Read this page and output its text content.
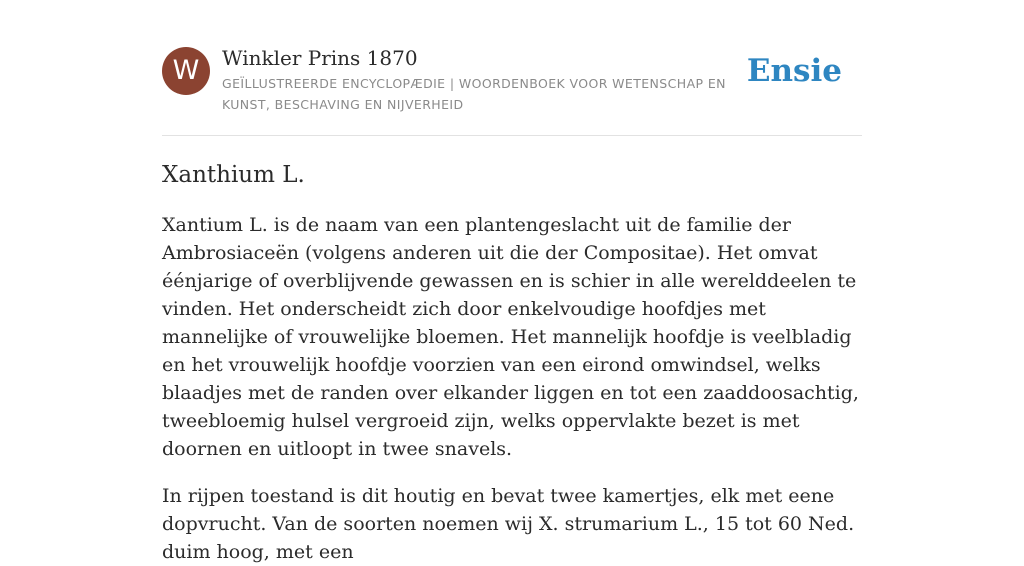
W	Winkler Prins 1870
GEÏLLUSTREERDE ENCYCLOPÆDIE | WOORDENBOEK VOOR WETENSCHAP EN KUNST, BESCHAVING EN NIJVERHEID
Ensie
Xanthium L.

Xantium L. is de naam van een plantengeslacht uit de familie der Ambrosiaceën (volgens anderen uit die der Compositae). Het omvat éénjarige of overblijvende gewassen en is schier in alle werelddeelen te vinden. Het onderscheidt zich door enkelvoudige hoofdjes met mannelijke of vrouwelijke bloemen. Het mannelijk hoofdje is veelbladig en het vrouwelijk hoofdje voorzien van een eirond omwindsel, welks blaadjes met de randen over elkander liggen en tot een zaaddoosachtig, tweebloemig hulsel vergroeid zijn, welks oppervlakte bezet is met doornen en uitloopt in twee snavels.

In rijpen toestand is dit houtig en bevat twee kamertjes, elk met eene dopvrucht. Van de soorten noemen wij X. strumarium L., 15 tot 60 Ned. duim hoog, met een
